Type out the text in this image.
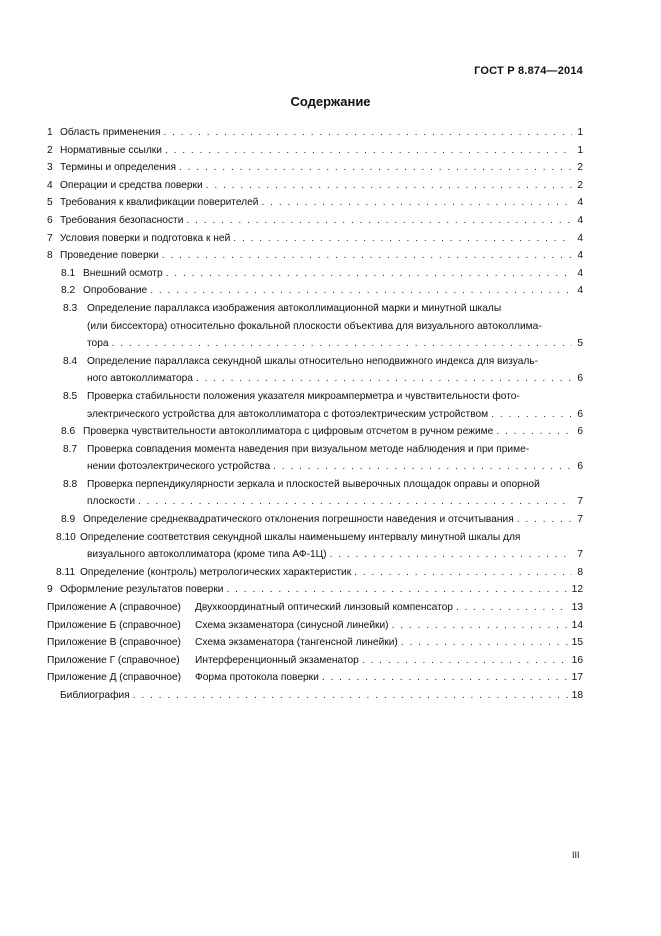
ГОСТ Р 8.874—2014
Содержание
1 Область применения . . .	1
2 Нормативные ссылки . . .	1
3 Термины и определения . . .	2
4 Операции и средства поверки . . .	2
5 Требования к квалификации поверителей . . .	4
6 Требования безопасности . . .	4
7 Условия поверки и подготовка к ней . . .	4
8 Проведение поверки . . .	4
8.1 Внешний осмотр . . .	4
8.2 Опробование . . .	4
8.3 Определение параллакса изображения автоколлимационной марки и минутной шкалы
(или биссектора) относительно фокальной плоскости объектива для визуального автоколлима-
тора . . .	5
8.4 Определение параллакса секундной шкалы относительно неподвижного индекса для визуаль-
ного автоколлиматора . . .	6
8.5 Проверка стабильности положения указателя микроамперметра и чувствительности фото-
электрического устройства для автоколлиматора с фотоэлектрическим устройством . . .	6
8.6 Проверка чувствительности автоколлиматора с цифровым отсчетом в ручном режиме . . .	6
8.7 Проверка совпадения момента наведения при визуальном методе наблюдения и при приме-
нении фотоэлектрического устройства . . .	6
8.8 Проверка перпендикулярности зеркала и плоскостей выверочных площадок оправы и опорной
плоскости . . .	7
8.9 Определение среднеквадратического отклонения погрешности наведения и отсчитывания . . .	7
8.10 Определение соответствия секундной шкалы наименьшему интервалу минутной шкалы для
визуального автоколлиматора (кроме типа АФ-1Ц) . . .	7
8.11 Определение (контроль) метрологических характеристик . . .	8
9 Оформление результатов поверки . . .	12
Приложение А (справочное)	Двухкоординатный оптический линзовый компенсатор . . .	13
Приложение Б (справочное)	Схема экзаменатора (синусной линейки) . . .	14
Приложение В (справочное)	Схема экзаменатора (тангенсной линейки) . . .	15
Приложение Г (справочное)	Интерференционный экзаменатор . . .	16
Приложение Д (справочное)	Форма протокола поверки . . .	17
Библиография . . .	18
III
